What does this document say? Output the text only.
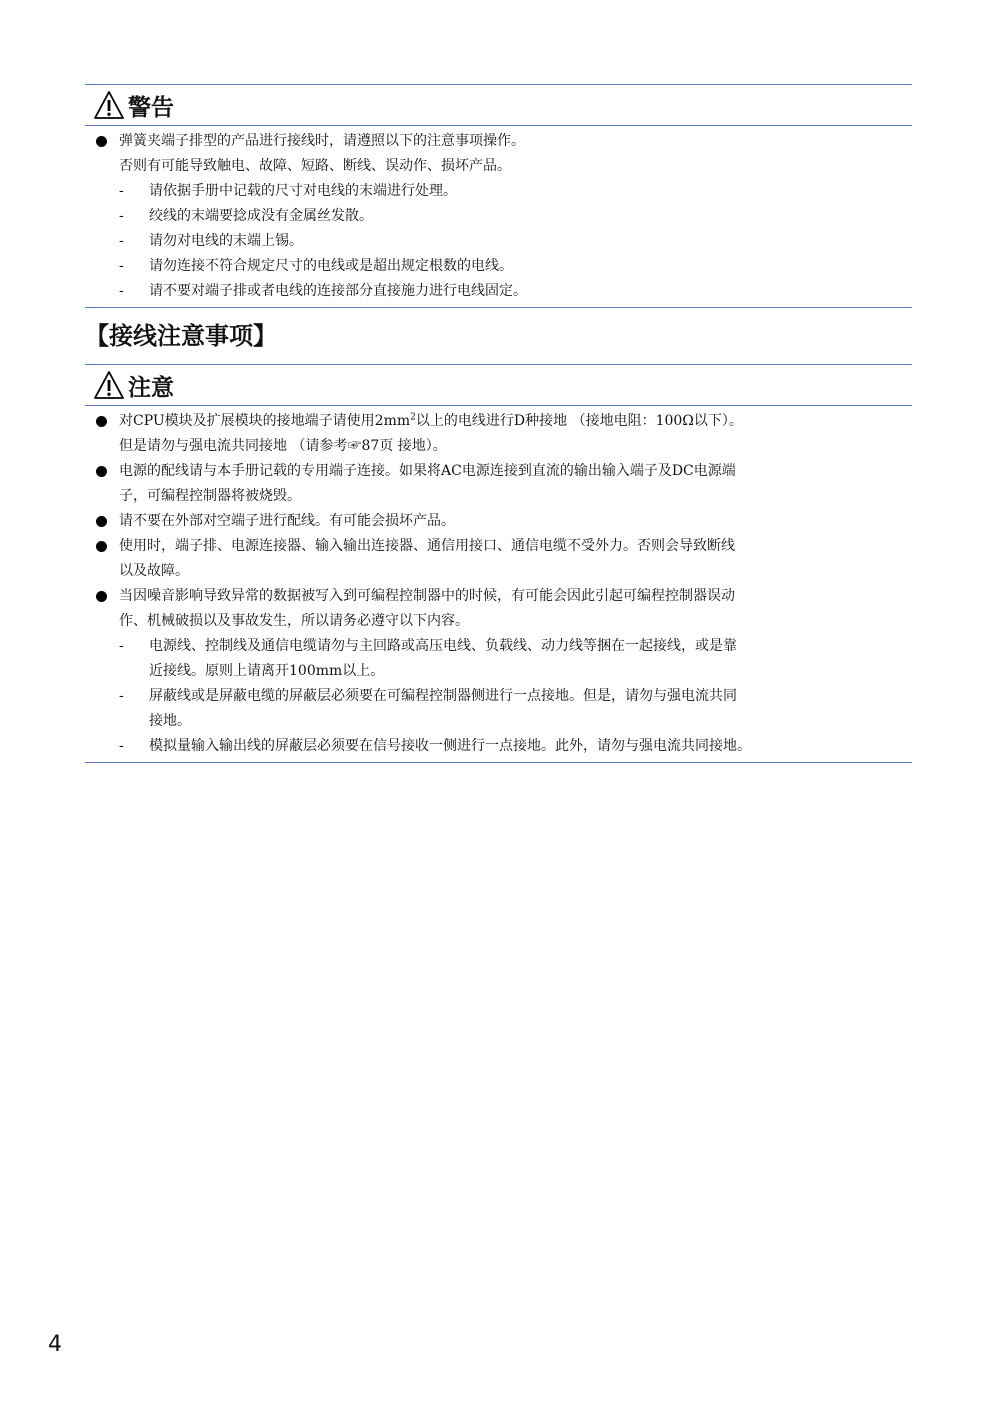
警告
弹簧夹端子排型的产品进行接线时，请遵照以下的注意事项操作。
否则有可能导致触电、故障、短路、断线、误动作、损坏产品。
- 请依据手册中记载的尺寸对电线的末端进行处理。
- 绞线的末端要捻成没有金属丝发散。
- 请勿对电线的末端上锡。
- 请勿连接不符合规定尺寸的电线或是超出规定根数的电线。
- 请不要对端子排或者电线的连接部分直接施力进行电线固定。
【接线注意事项】
注意
对CPU模块及扩展模块的接地端子请使用$2mm^2$以上的电线进行D种接地 （接地电阻：100Ω以下）。
但是请勿与强电流共同接地 （请参考☞87页 接地）。
电源的配线请与本手册记载的专用端子连接。如果将AC电源连接到直流的输出输入端子及DC电源端
子，可编程控制器将被烧毁。
请不要在外部对空端子进行配线。有可能会损坏产品。
使用时，端子排、电源连接器、输入输出连接器、通信用接口、通信电缆不受外力。否则会导致断线
以及故障。
当因噪音影响导致异常的数据被写入到可编程控制器中的时候，有可能会因此引起可编程控制器误动
作、机械破损以及事故发生，所以请务必遵守以下内容。
- 电源线、控制线及通信电缆请勿与主回路或高压电线、负载线、动力线等捆在一起接线，或是靠
近接线。原则上请离开100mm以上。
- 屏蔽线或是屏蔽电缆的屏蔽层必须要在可编程控制器侧进行一点接地。但是，请勿与强电流共同
接地。
- 模拟量输入输出线的屏蔽层必须要在信号接收一侧进行一点接地。此外，请勿与强电流共同接地。
4
